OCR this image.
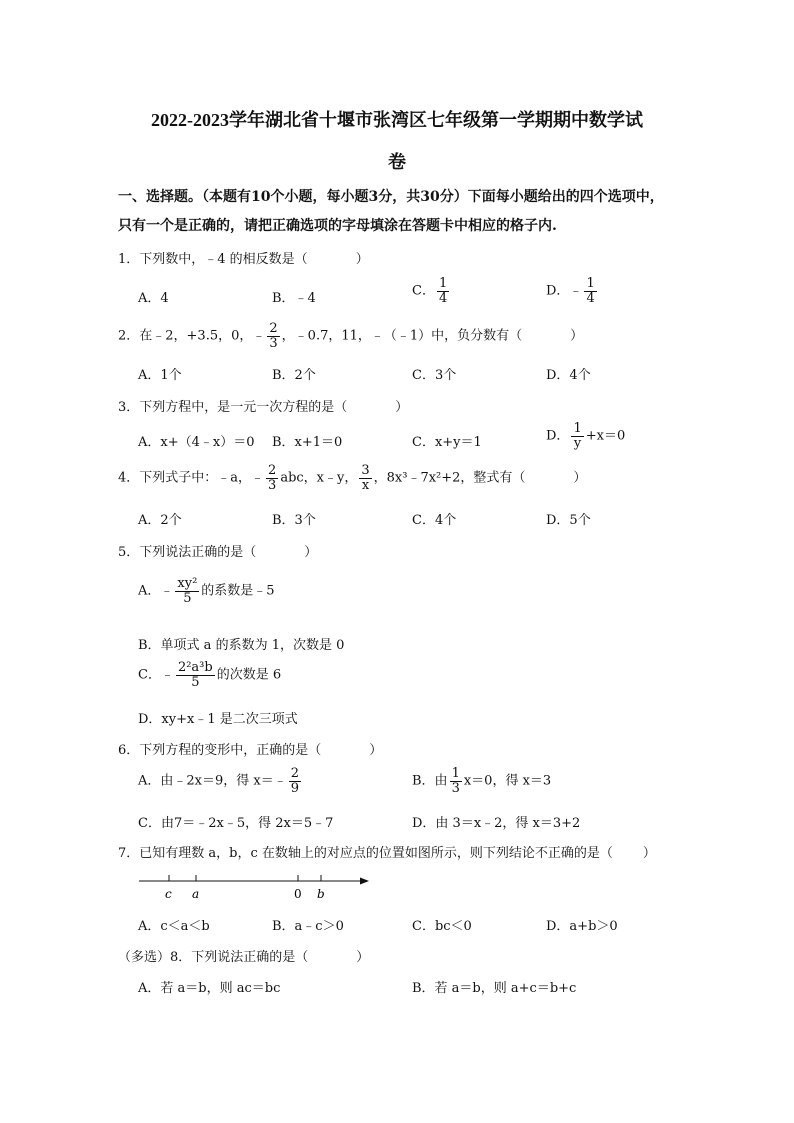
2022-2023学年湖北省十堰市张湾区七年级第一学期期中数学试
卷
一、选择题。（本题有10个小题，每小题3分，共30分）下面每小题给出的四个选项中，
只有一个是正确的，请把正确选项的字母填涂在答题卡中相应的格子内.
1．下列数中，﹣4 的相反数是（	）
A．4	B．﹣4	C． $\frac{1}{4}$	D．﹣ $\frac{1}{4}$
2．在﹣2，+3.5，0，﹣ $\frac{2}{3}$ ，﹣0.7，11，﹣（﹣1）中，负分数有（	）
A．1个	B．2个	C．3个	D．4个
3．下列方程中，是一元一次方程的是（	）
A．x+（4﹣x）＝0 B．x+1＝0	C．x+y＝1	D． $\frac{1}{y} +x=0$
4．下列式子中：﹣a，﹣ $\frac{2}{3}$ abc，x﹣y， $\frac{3}{x}$ ，8x³﹣7x²+2，整式有（	）
A．2个	B．3个	C．4个	D．5个
5．下列说法正确的是（	）
A．﹣ $\frac{\text{xy²}}{5}$ 的系数是﹣5
B．单项式 a 的系数为 1，次数是 0
C．﹣ $\frac{\text{2²a³b}}{5}$ 的次数是 6
D．xy+x﹣1 是二次三项式
6．下列方程的变形中，正确的是（	）
A．由﹣2x＝9，得 x＝﹣ $\frac{2}{9}$	B．由 $\frac{1}{3} x=0$，得 x＝3
C．由7＝﹣2x﹣5，得 2x＝5﹣7	D．由 3＝x﹣2，得 x＝3+2
7．已知有理数 a，b，c 在数轴上的对应点的位置如图所示，则下列结论不正确的是（ ）
c a	0 b
A．c＜a＜b	B．a﹣c＞0	C．bc＜0	D．a+b＞0
（多选）8．下列说法正确的是（	）
A．若 a＝b，则 ac＝bc	B．若 a＝b，则 a+c＝b+c
